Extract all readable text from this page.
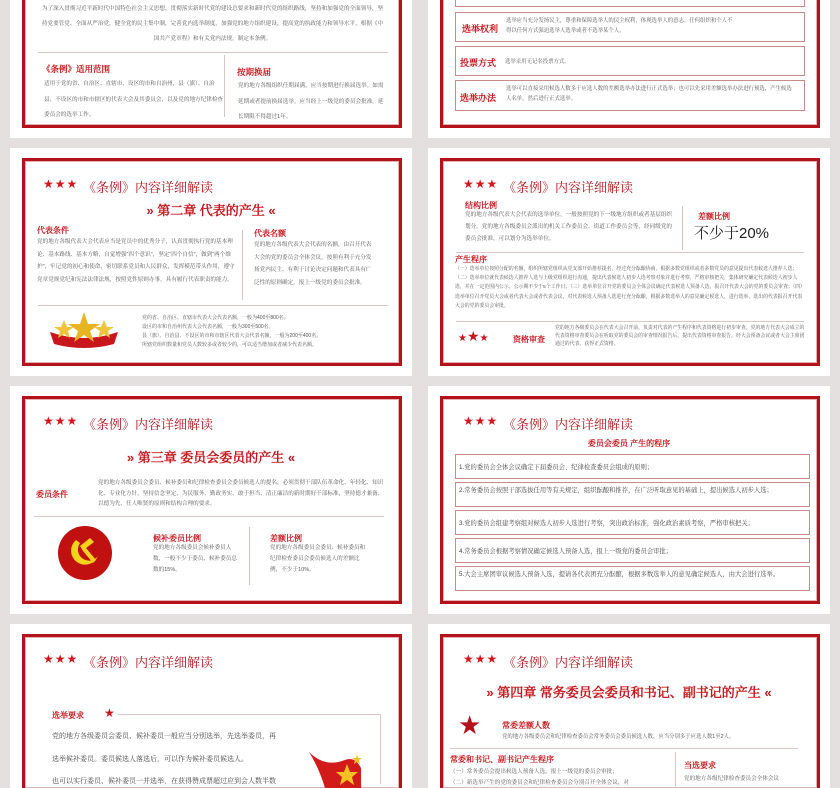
为了深入贯彻习近平新时代中国特色社会主义思想，贯彻落实新时代党的建设总要求和新时代党的组织路线，坚持和加强党的全面领导，坚持党要管党、全面从严治党，健全党的民主集中制，完善党内选举制度，加强党的地方组织建设，提高党的执政能力和领导水平，根据《中国共产党章程》和有关党内法规，制定本条例。
《条例》适用范围
适用于党的省、自治区、直辖市，设区的市和自治州，县（旗）、自治县、不设区的市和市辖区的代表大会及其委员会，以及党的地方纪律检查委员会的选举工作。
按期换届
党的地方各级组织任期届满，应当按期进行换届选举。如需延期或者提前换届选举，应当经上一级党的委员会批准。延长期限不得超过1年。
选举权利
选举应当充分发扬民主，尊重和保障选举人的民主权利，体现选举人的意志。任何组织和个人不得以任何方式强迫选举人选举或者不选举某个人。
投票方式 选举采用无记名投票方式。
选举办法
选举可以直接采用候选人数多于应选人数的差额选举办法进行正式选举；也可以先采用差额选举办法进行预选，产生候选人名单，然后进行正式选举。
★★★ 《条例》内容详细解读
» 第二章 代表的产生 «
代表条件
党的地方各级代表大会代表应当是党员中的优秀分子，认真贯彻执行党的基本理论、基本路线、基本方略，自觉增强“四个意识”，坚定“四个自信”，做到“两个维护”，牢记党的初心和使命，密切联系党员和人民群众，发挥模范带头作用，遵守党章党规党纪和宪法法律法规，按照党性原则办事，具有履行代表职责的能力。
代表名额
党的地方各级代表大会代表的名额，由召开代表大会的党的委员会全体会议，按照有利于充分发扬党内民主、有利于讨论决定问题和代表具有广泛性的原则确定，报上一级党的委员会批准。
党的省、自治区、直辖市代表大会代表名额，一般为400至800名。
设区的市和自治州代表大会代表名额，一般为300至500名。
县（旗）、自治县、不设区的市和市辖区代表大会代表名额，一般为200至400名。
所辖党组织数量和党员人数较多或者较少的，可以适当增加或者减少代表名额。
★★★ 《条例》内容详细解读
结构比例
党的地方各级代表大会代表的选举单位，一般按照党的下一级地方组织或者基层组织划分。党的地方各级委员会派出的机关工作委员会、街道工作委员会等，经同级党的委员会批准，可以划分为选举单位。
差额比例
不少于20%
产生程序
（一）选举单位按照分配的名额，组织所辖党组织从党支部开始推荐提名，经过充分酝酿协商，根据多数党组织或者多数党员的意见提出代表候选人推荐人选；（二）选举单位就代表候选人推荐人选与上级党组织进行沟通，提出代表候选人初步人选考察对象并进行考察，严格审核把关，集体研究确定代表候选人初步人选，并在一定范围内公示，公示期不少于5个工作日；（三）选举单位召开党的委员会全体会议确定代表候选人预备人选，报召开代表大会的党的委员会审查；（四）选举单位召开党员大会或者代表大会或者代表会议，对代表候选人预备人选进行充分酝酿，根据多数选举人的意见确定候选人，进行选举，选出的代表报召开代表大会的党的委员会审批。
★★★	资格审查
党的地方各级委员会在代表大会召开前，负责对代表的产生程序和代表资格进行初步审查。党的地方代表大会成立的代表资格审查委员会在听取党的委员会的审查情况报告后，提出代表资格审查报告，经大会预备会议或者大会主席团通过的代表，获得正式资格。
★★★ 《条例》内容详细解读
» 第三章 委员会委员的产生 «
委员条件
党的地方各级委员会委员、候补委员和纪律检查委员会委员候选人的提名，必须贯彻干部队伍革命化、年轻化、知识化、专业化方针，坚持信念坚定、为民服务、勤政务实、敢于担当、清正廉洁的新时期好干部标准，坚持德才兼备、以德为先、任人唯贤的原则和结构合理的要求。
候补委员比例
党的地方各级委员会候补委员人数，一般不少于委员、候补委员总数的15%。
差额比例
党的地方各级委员会委员、候补委员和纪律检查委员会委员候选人的差额比例，不少于10%。
★★★ 《条例》内容详细解读
委员会委员 产生的程序
1.党的委员会全体会议确定下届委员会、纪律检查委员会组成的原则；
2.常务委员会按照干部选拔任用等有关规定，组织酝酿和推荐，在广泛听取意见的基础上，提出候选人初步人选；
3.党的委员会组建考察组对候选人初步人选进行考察，突出政治标准，强化政治素质考察，严格审核把关；
4.常务委员会根据考察情况确定候选人预备人选，报上一级党的委员会审批；
5.大会主席团审议候选人预备人选，提请各代表团充分酝酿，根据多数选举人的意见确定候选人，由大会进行选举。
★★★ 《条例》内容详细解读
选举要求 ★
党的地方各级委员会委员、候补委员一般应当分别选举，先选举委员，再
选举候补委员。委员候选人落选后，可以作为候补委员候选人。
也可以实行委员、候补委员一并选举，在获得赞成票超过应到会人数半数
★★★ 《条例》内容详细解读
» 第四章 常务委员会委员和书记、副书记的产生 «
★	常委差额人数
党的地方各级委员会和纪律检查委员会常务委员会委员候选人数，应当分别多于应选人数1至2人。
常委和书记、副书记产生程序
（一）常务委员会提出候选人预备人选，报上一级党的委员会审批；
（二）新选举产生的党的委员会和纪律检查委员会分别召开全体会议，对
当选要求
党的地方各级纪律检查委员会全体会议
